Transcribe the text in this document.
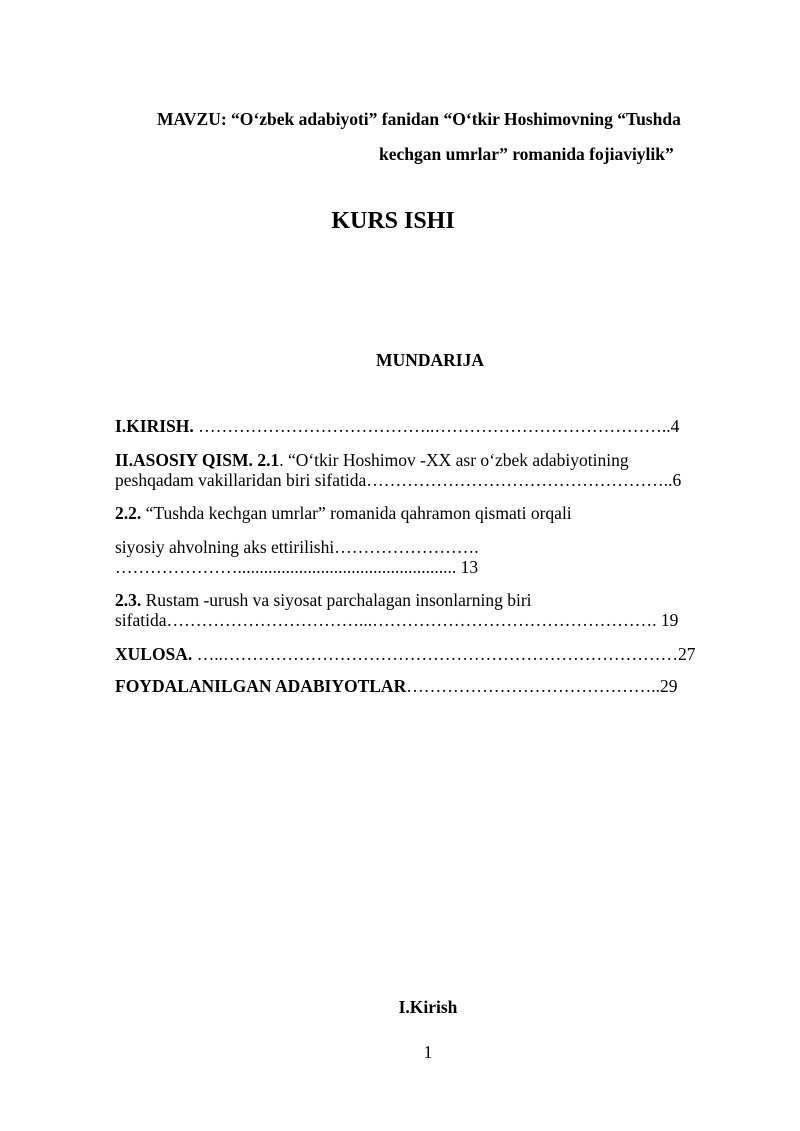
MAVZU: “O‘zbek adabiyoti” fanidan “O‘tkir Hoshimovning “Tushda
kechgan umrlar” romanida fojiaviylik”
KURS ISHI
MUNDARIJA
I.KIRISH. …………………………………..…………………………………..4
II.ASOSIY QISM. 2.1. “O‘tkir Hoshimov -XX asr o‘zbek adabiyotining
peshqadam vakillaridan biri sifatida……………………………………………..6
2.2. “Tushda kechgan umrlar” romanida qahramon qismati orqali
siyosiy ahvolning aks ettirilishi…………………….
………………….................................................. 13
2.3. Rustam -urush va siyosat parchalagan insonlarning biri
sifatida……………………………...…………………………………………. 19
XULOSA. …..……………………………………………………………………27
FOYDALANILGAN ADABIYOTLAR……………………………………..29
I.Kirish
1
